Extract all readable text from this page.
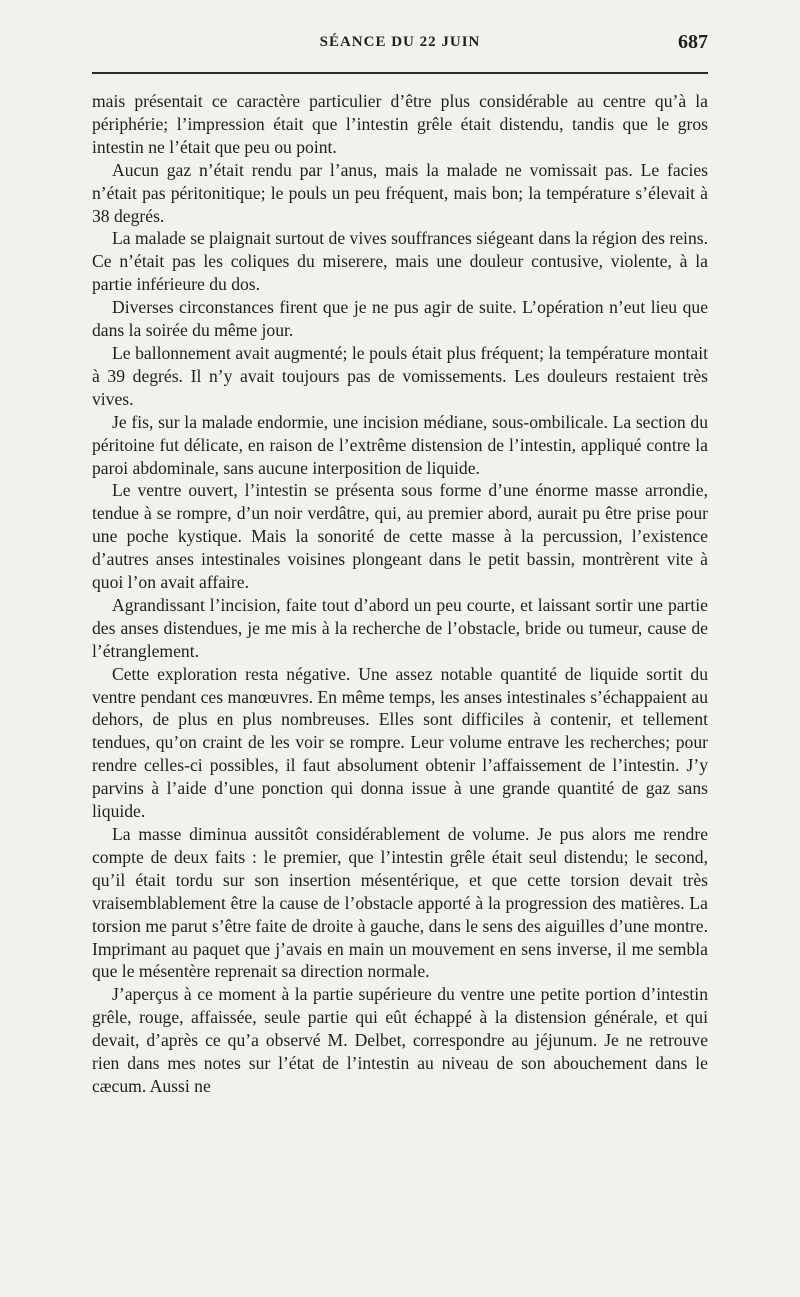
SÉANCE DU 22 JUIN	687

mais présentait ce caractère particulier d’être plus considérable au centre qu’à la périphérie; l’impression était que l’intestin grêle était distendu, tandis que le gros intestin ne l’était que peu ou point.

Aucun gaz n’était rendu par l’anus, mais la malade ne vomissait pas. Le facies n’était pas péritonitique; le pouls un peu fréquent, mais bon; la température s’élevait à 38 degrés.

La malade se plaignait surtout de vives souffrances siégeant dans la région des reins. Ce n’était pas les coliques du miserere, mais une douleur contusive, violente, à la partie inférieure du dos.

Diverses circonstances firent que je ne pus agir de suite. L’opération n’eut lieu que dans la soirée du même jour.

Le ballonnement avait augmenté; le pouls était plus fréquent; la température montait à 39 degrés. Il n’y avait toujours pas de vomissements. Les douleurs restaient très vives.

Je fis, sur la malade endormie, une incision médiane, sous-ombilicale. La section du péritoine fut délicate, en raison de l’extrême distension de l’intestin, appliqué contre la paroi abdominale, sans aucune interposition de liquide.

Le ventre ouvert, l’intestin se présenta sous forme d’une énorme masse arrondie, tendue à se rompre, d’un noir verdâtre, qui, au premier abord, aurait pu être prise pour une poche kystique. Mais la sonorité de cette masse à la percussion, l’existence d’autres anses intestinales voisines plongeant dans le petit bassin, montrèrent vite à quoi l’on avait affaire.

Agrandissant l’incision, faite tout d’abord un peu courte, et laissant sortir une partie des anses distendues, je me mis à la recherche de l’obstacle, bride ou tumeur, cause de l’étranglement.

Cette exploration resta négative. Une assez notable quantité de liquide sortit du ventre pendant ces manœuvres. En même temps, les anses intestinales s’échappaient au dehors, de plus en plus nombreuses. Elles sont difficiles à contenir, et tellement tendues, qu’on craint de les voir se rompre. Leur volume entrave les recherches; pour rendre celles-ci possibles, il faut absolument obtenir l’affaissement de l’intestin. J’y parvins à l’aide d’une ponction qui donna issue à une grande quantité de gaz sans liquide.

La masse diminua aussitôt considérablement de volume. Je pus alors me rendre compte de deux faits : le premier, que l’intestin grêle était seul distendu; le second, qu’il était tordu sur son insertion mésentérique, et que cette torsion devait très vraisemblablement être la cause de l’obstacle apporté à la progression des matières. La torsion me parut s’être faite de droite à gauche, dans le sens des aiguilles d’une montre. Imprimant au paquet que j’avais en main un mouvement en sens inverse, il me sembla que le mésentère reprenait sa direction normale.

J’aperçus à ce moment à la partie supérieure du ventre une petite portion d’intestin grêle, rouge, affaissée, seule partie qui eût échappé à la distension générale, et qui devait, d’après ce qu’a observé M. Delbet, correspondre au jéjunum. Je ne retrouve rien dans mes notes sur l’état de l’intestin au niveau de son abouchement dans le cæcum. Aussi ne
